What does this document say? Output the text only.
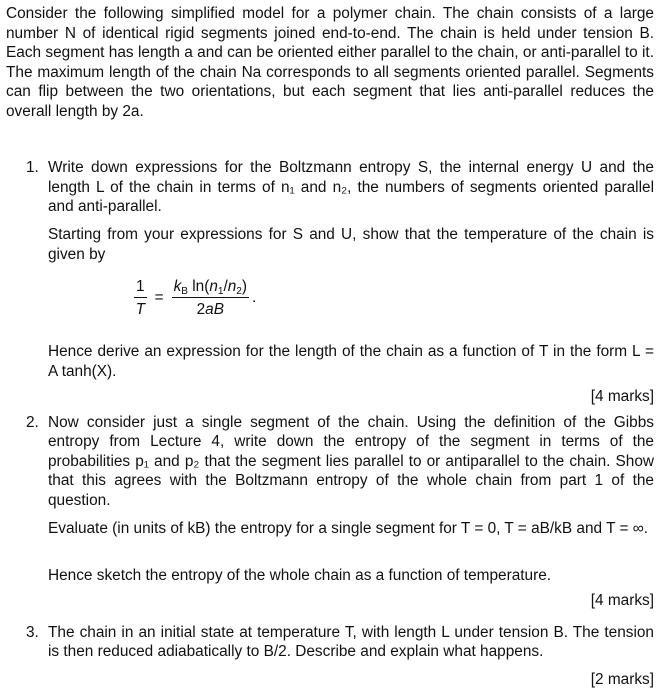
Consider the following simplified model for a polymer chain. The chain consists of a large number N of identical rigid segments joined end-to-end. The chain is held under tension B. Each segment has length a and can be oriented either parallel to the chain, or anti-parallel to it. The maximum length of the chain Na corresponds to all segments oriented parallel. Segments can flip between the two orientations, but each segment that lies anti-parallel reduces the overall length by 2a.

1. Write down expressions for the Boltzmann entropy S, the internal energy U and the length L of the chain in terms of n₁ and n₂, the numbers of segments oriented parallel and anti-parallel.

Starting from your expressions for S and U, show that the temperature of the chain is given by

$\frac{1}{T} = \frac{k_B \ln(n_1/n_2)}{2aB}$ .

Hence derive an expression for the length of the chain as a function of T in the form L = A tanh(X).

[4 marks]

2. Now consider just a single segment of the chain. Using the definition of the Gibbs entropy from Lecture 4, write down the entropy of the segment in terms of the probabilities p₁ and p₂ that the segment lies parallel to or antiparallel to the chain. Show that this agrees with the Boltzmann entropy of the whole chain from part 1 of the question.

Evaluate (in units of kB) the entropy for a single segment for T = 0, T = aB/kB and T = ∞.

Hence sketch the entropy of the whole chain as a function of temperature.

[4 marks]

3. The chain in an initial state at temperature T, with length L under tension B. The tension is then reduced adiabatically to B/2. Describe and explain what happens.

[2 marks]
